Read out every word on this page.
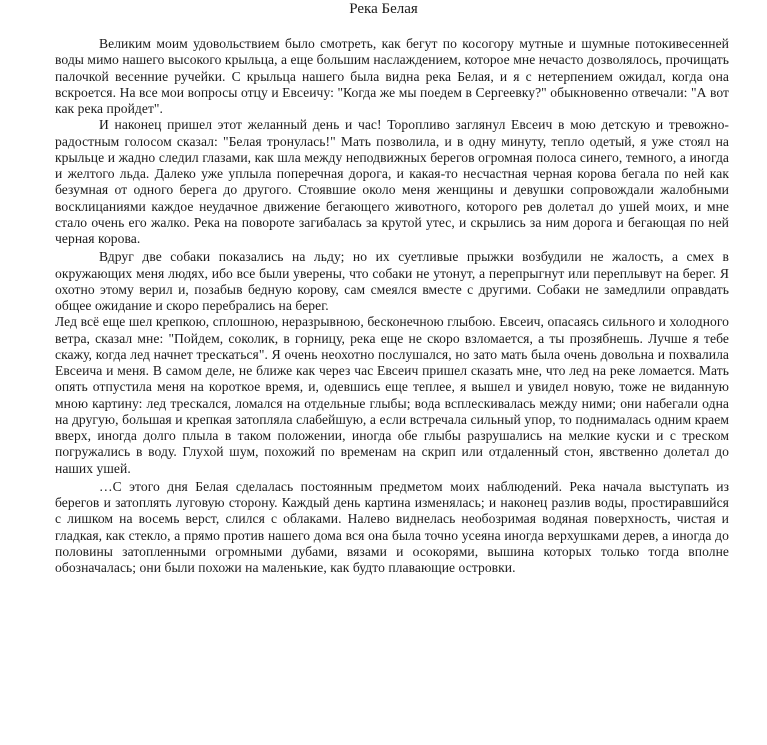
Река Белая

Великим моим удовольствием было смотреть, как бегут по косогору мутные и шумные потокивесенней воды мимо нашего высокого крыльца, а еще большим наслаждением, которое мне нечасто дозволялось, прочищать палочкой весенние ручейки. С крыльца нашего была видна река Белая, и я с нетерпением ожидал, когда она вскроется. На все мои вопросы отцу и Евсеичу: "Когда же мы поедем в Сергеевку?" обыкновенно отвечали: "А вот как река пройдет".

И наконец пришел этот желанный день и час! Торопливо заглянул Евсеич в мою детскую и тревожно-радостным голосом сказал: "Белая тронулась!" Мать позволила, и в одну минуту, тепло одетый, я уже стоял на крыльце и жадно следил глазами, как шла между неподвижных берегов огромная полоса синего, темного, а иногда и желтого льда. Далеко уже уплыла поперечная дорога, и какая-то несчастная черная корова бегала по ней как безумная от одного берега до другого. Стоявшие около меня женщины и девушки сопровождали жалобными восклицаниями каждое неудачное движение бегающего животного, которого рев долетал до ушей моих, и мне стало очень его жалко. Река на повороте загибалась за крутой утес, и скрылись за ним дорога и бегающая по ней черная корова.

Вдруг две собаки показались на льду; но их суетливые прыжки возбудили не жалость, а смех в окружающих меня людях, ибо все были уверены, что собаки не утонут, а перепрыгнут или переплывут на берег. Я охотно этому верил и, позабыв бедную корову, сам смеялся вместе с другими. Собаки не замедлили оправдать общее ожидание и скоро перебрались на берег.

Лед всё еще шел крепкою, сплошною, неразрывною, бесконечною глыбою. Евсеич, опасаясь сильного и холодного ветра, сказал мне: "Пойдем, соколик, в горницу, река еще не скоро взломается, а ты прозябнешь. Лучше я тебе скажу, когда лед начнет трескаться". Я очень неохотно послушался, но зато мать была очень довольна и похвалила Евсеича и меня. В самом деле, не ближе как через час Евсеич пришел сказать мне, что лед на реке ломается. Мать опять отпустила меня на короткое время, и, одевшись еще теплее, я вышел и увидел новую, тоже не виданную мною картину: лед трескался, ломался на отдельные глыбы; вода всплескивалась между ними; они набегали одна на другую, большая и крепкая затопляла слабейшую, а если встречала сильный упор, то поднималась одним краем вверх, иногда долго плыла в таком положении, иногда обе глыбы разрушались на мелкие куски и с треском погружались в воду. Глухой шум, похожий по временам на скрип или отдаленный стон, явственно долетал до наших ушей.

…С этого дня Белая сделалась постоянным предметом моих наблюдений. Река начала выступать из берегов и затоплять луговую сторону. Каждый день картина изменялась; и наконец разлив воды, простиравшийся с лишком на восемь верст, слился с облаками. Налево виднелась необозримая водяная поверхность, чистая и гладкая, как стекло, а прямо против нашего дома вся она была точно усеяна иногда верхушками дерев, а иногда до половины затопленными огромными дубами, вязами и осокорями, вышина которых только тогда вполне обозначалась; они были похожи на маленькие, как будто плавающие островки.
